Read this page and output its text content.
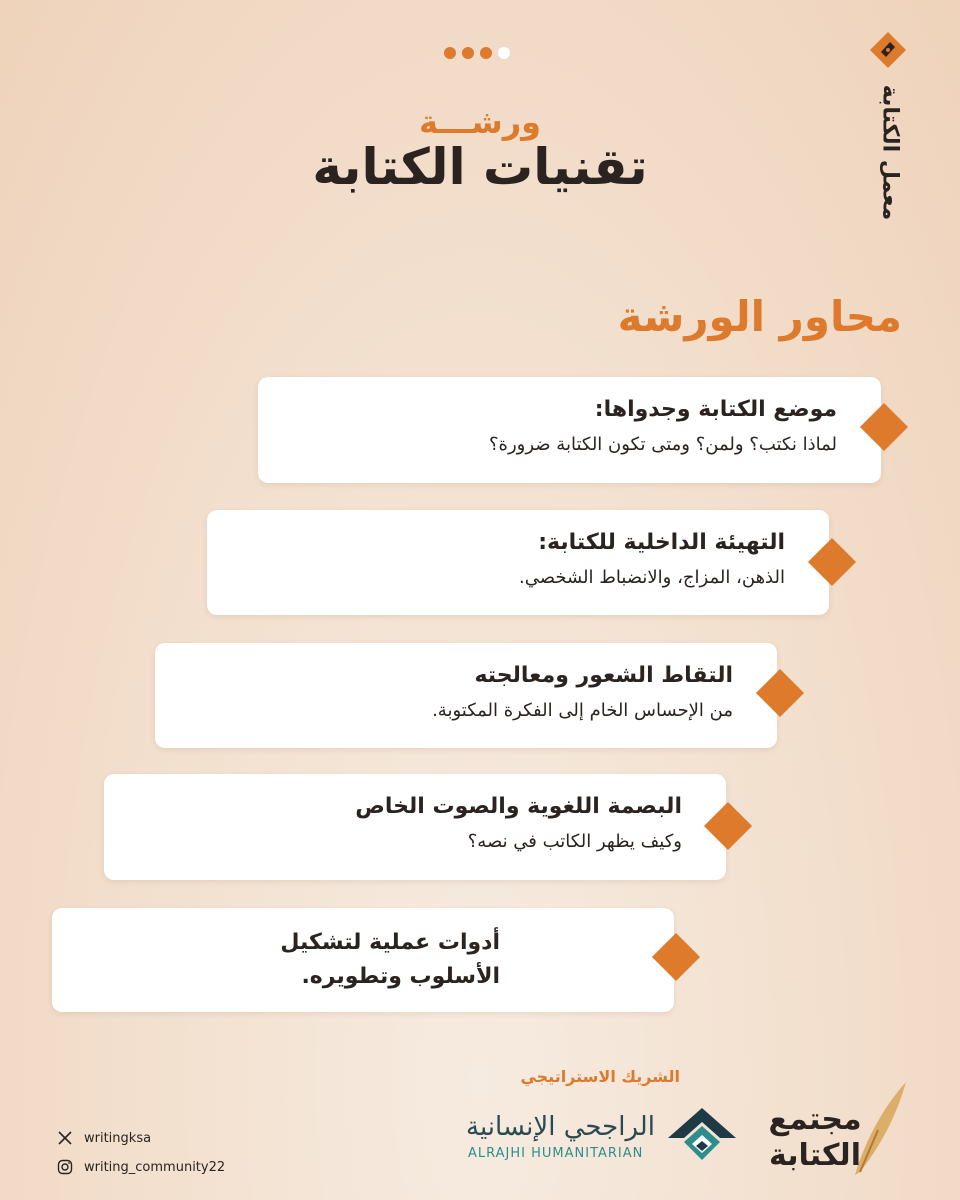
معمل الكتابة
ورشـــة
تقنيات الكتابة
محاور الورشة
موضع الكتابة وجدواها:
لماذا نكتب؟ ولمن؟ ومتى تكون الكتابة ضرورة؟
التهيئة الداخلية للكتابة:
الذهن، المزاج، والانضباط الشخصي.
التقاط الشعور ومعالجته
من الإحساس الخام إلى الفكرة المكتوبة.
البصمة اللغوية والصوت الخاص
وكيف يظهر الكاتب في نصه؟
أدوات عملية لتشكيل
الأسلوب وتطويره.
الشريك الاستراتيجي
الراجحي الإنسانية
ALRAJHI HUMANITARIAN
مجتمع الكتابة
writingksa
writing_community22
